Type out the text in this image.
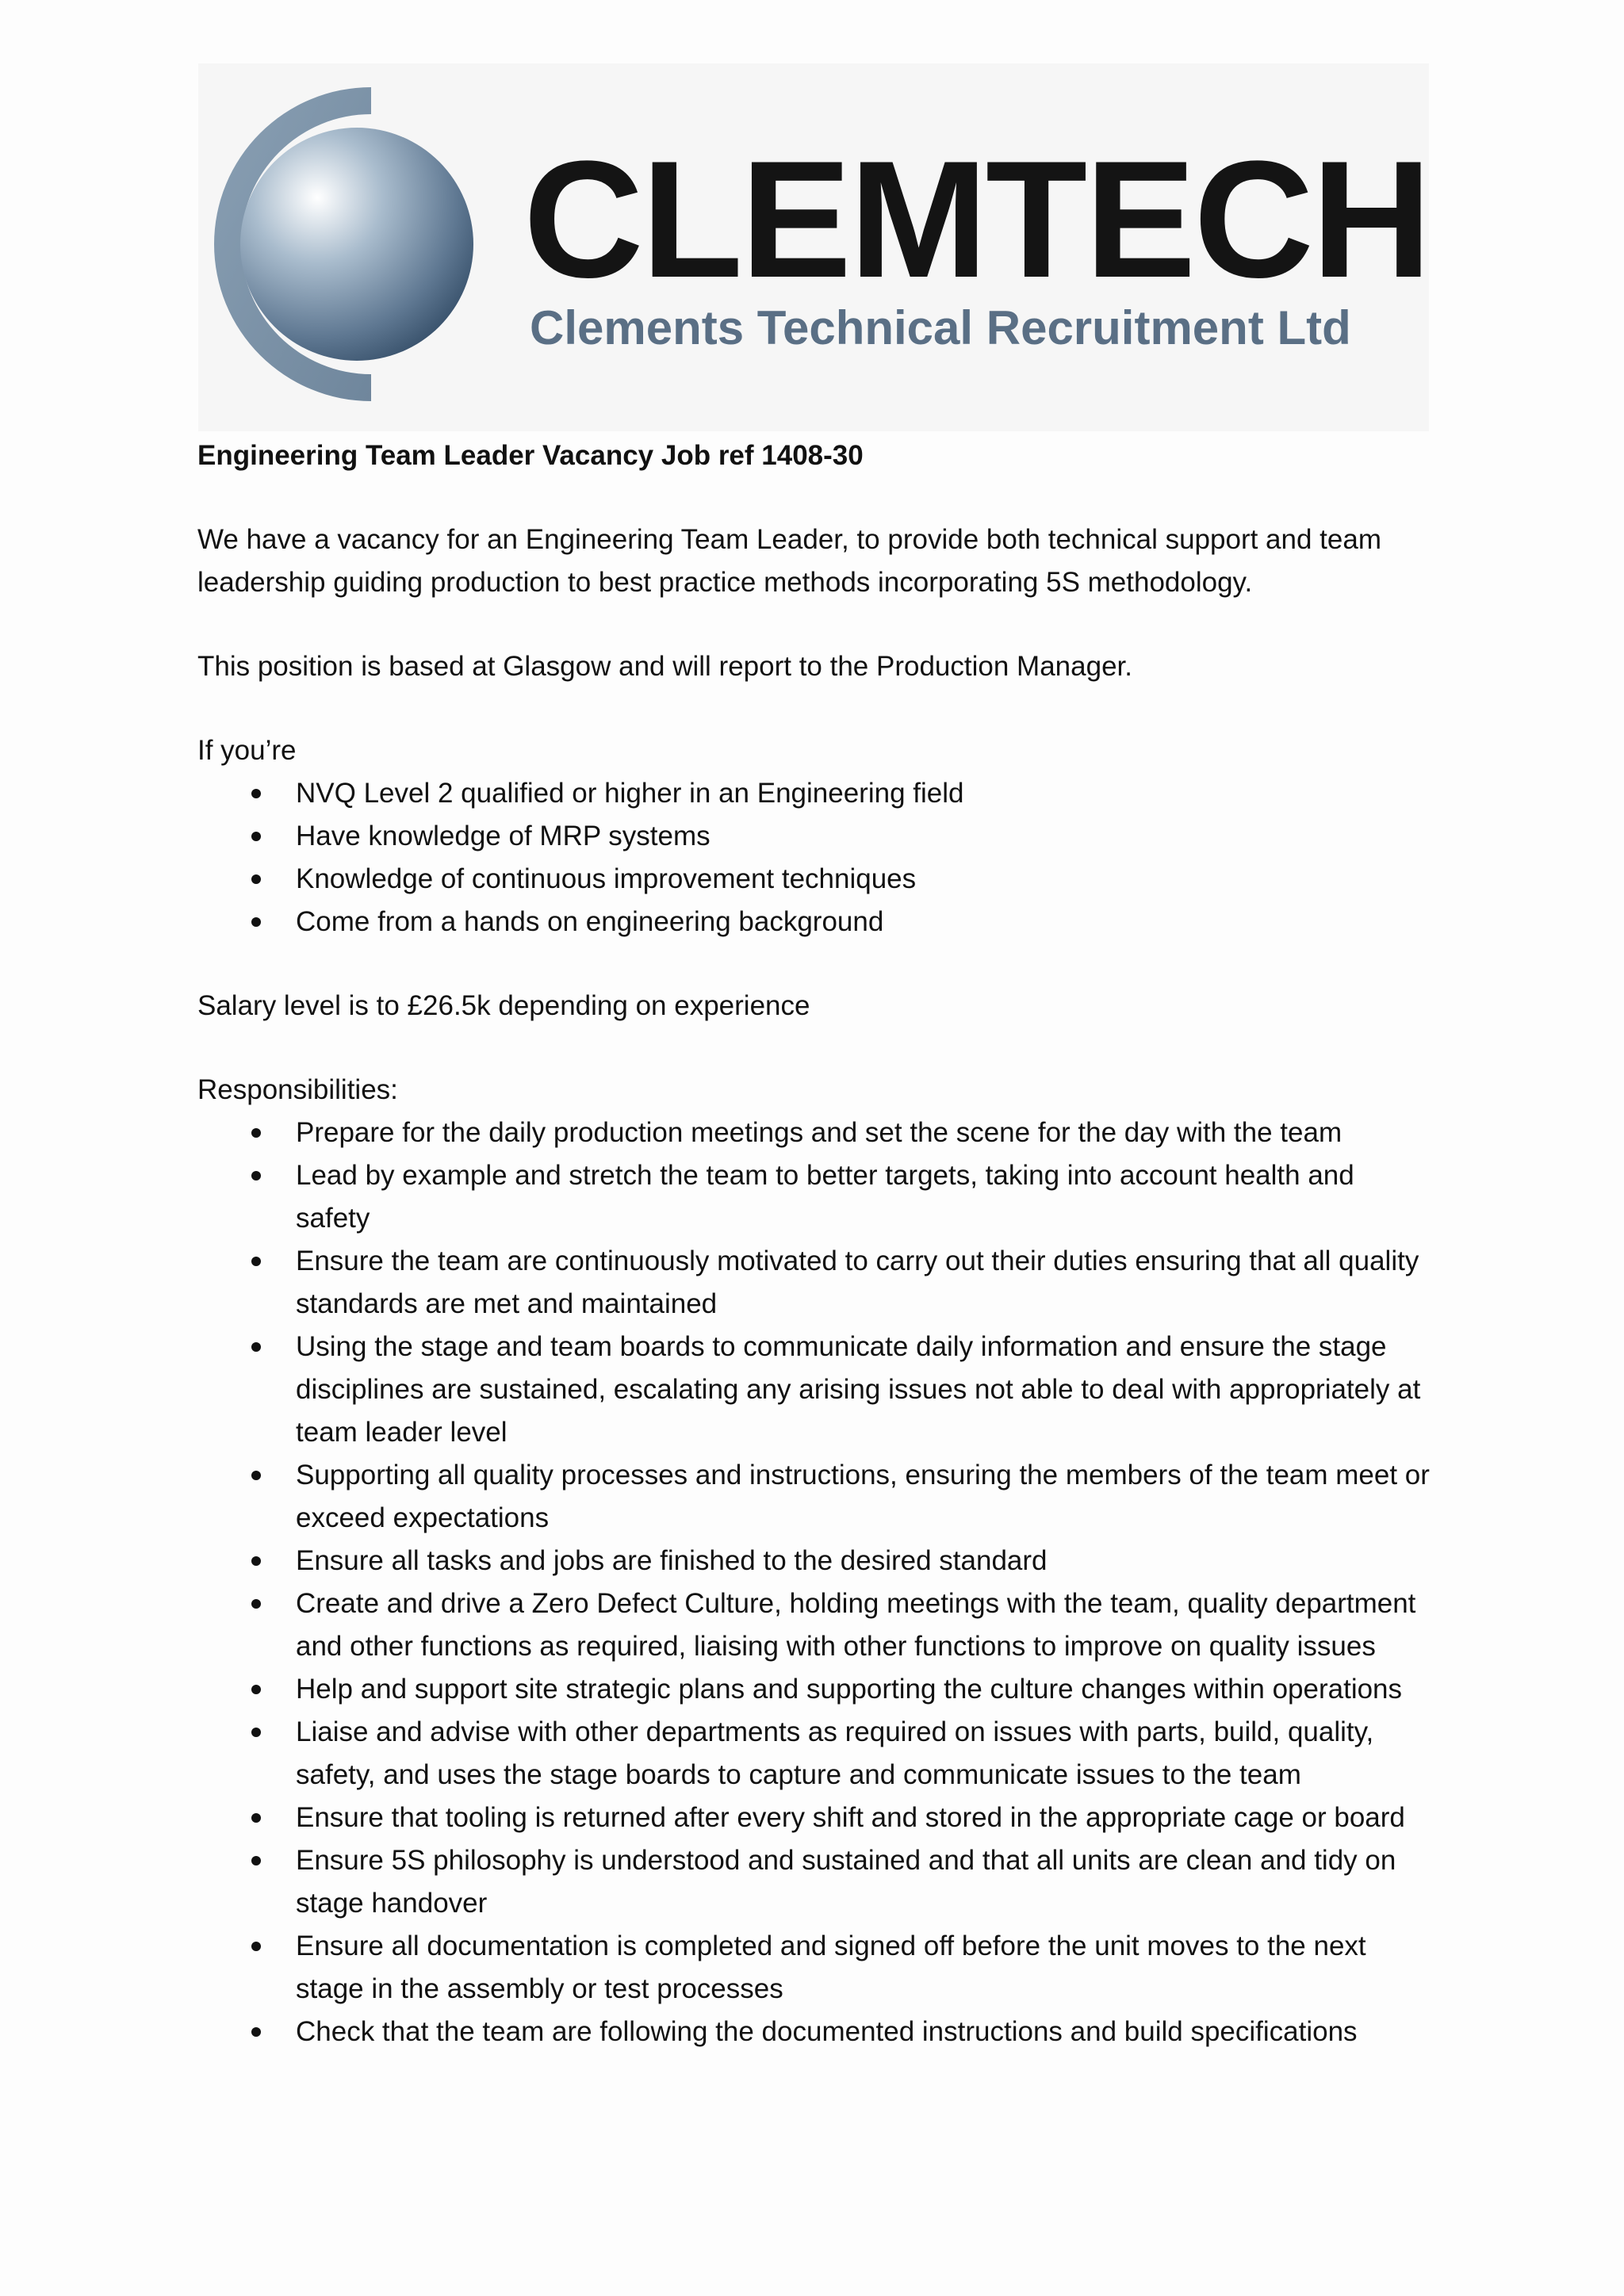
CLEMTECH
Clements Technical Recruitment Ltd

Engineering Team Leader Vacancy Job ref 1408-30

We have a vacancy for an Engineering Team Leader, to provide both technical support and team leadership guiding production to best practice methods incorporating 5S methodology.

This position is based at Glasgow and will report to the Production Manager.

If you’re

NVQ Level 2 qualified or higher in an Engineering field
Have knowledge of MRP systems
Knowledge of continuous improvement techniques
Come from a hands on engineering background

Salary level is to £26.5k depending on experience

Responsibilities:

Prepare for the daily production meetings and set the scene for the day with the team
Lead by example and stretch the team to better targets, taking into account health and safety
Ensure the team are continuously motivated to carry out their duties ensuring that all quality standards are met and maintained
Using the stage and team boards to communicate daily information and ensure the stage disciplines are sustained, escalating any arising issues not able to deal with appropriately at team leader level
Supporting all quality processes and instructions, ensuring the members of the team meet or exceed expectations
Ensure all tasks and jobs are finished to the desired standard
Create and drive a Zero Defect Culture, holding meetings with the team, quality department and other functions as required, liaising with other functions to improve on quality issues
Help and support site strategic plans and supporting the culture changes within operations
Liaise and advise with other departments as required on issues with parts, build, quality, safety, and uses the stage boards to capture and communicate issues to the team
Ensure that tooling is returned after every shift and stored in the appropriate cage or board
Ensure 5S philosophy is understood and sustained and that all units are clean and tidy on stage handover
Ensure all documentation is completed and signed off before the unit moves to the next stage in the assembly or test processes
Check that the team are following the documented instructions and build specifications
